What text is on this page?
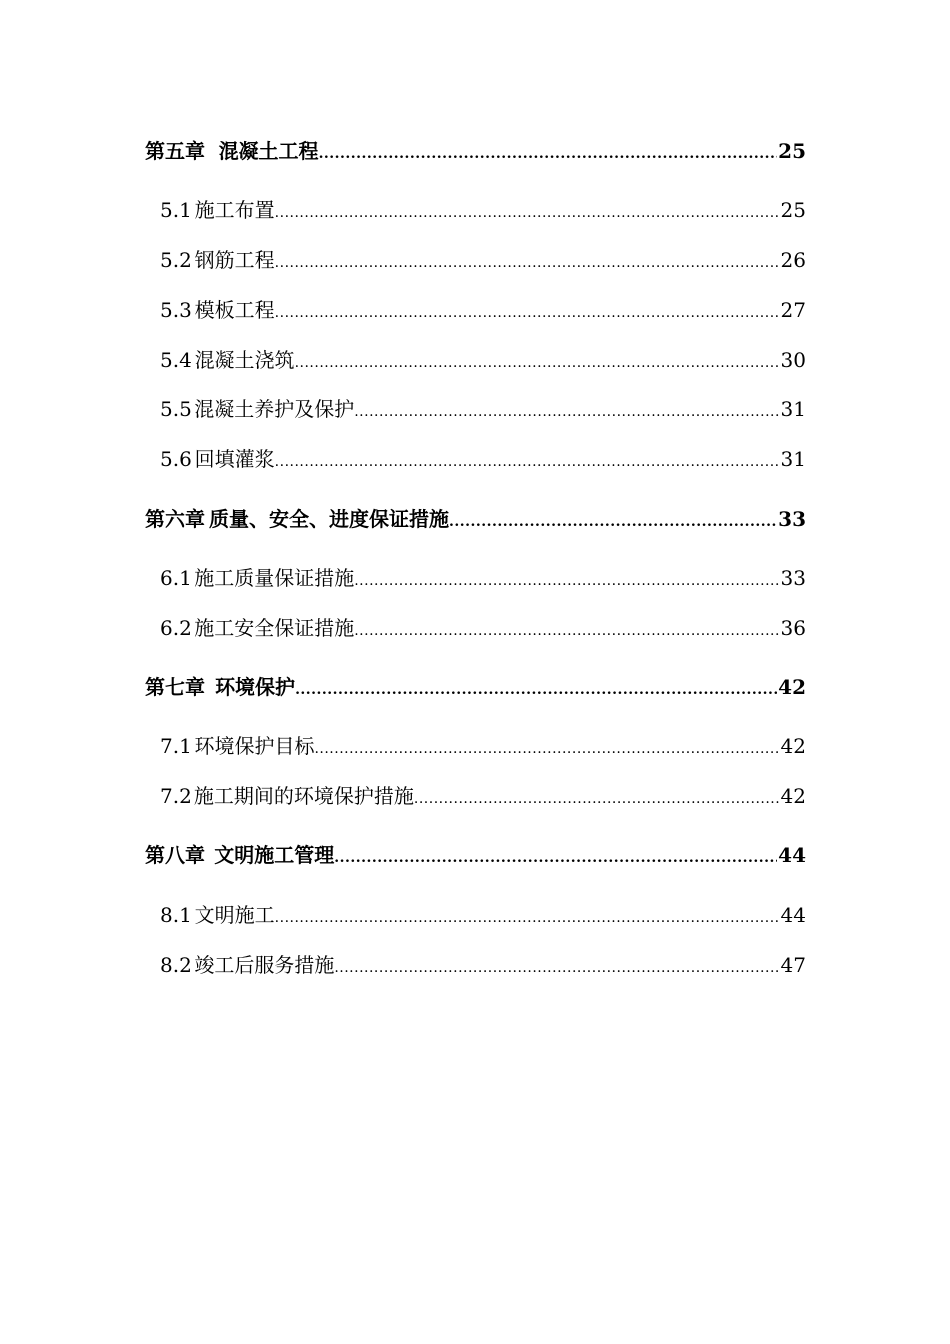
第五章 混凝土工程 .....	25
5.1 施工布置 .....	25
5.2 钢筋工程 .....	26
5.3 模板工程 .....	27
5.4 混凝土浇筑 .....	30
5.5 混凝土养护及保护 .....	31
5.6 回填灌浆 .....	31
第六章 质量、安全、进度保证措施 .....	33
6.1 施工质量保证措施 .....	33
6.2 施工安全保证措施 .....	36
第七章 环境保护 .....	42
7.1 环境保护目标 .....	42
7.2 施工期间的环境保护措施 .....	42
第八章 文明施工管理 .....	44
8.1 文明施工 .....	44
8.2 竣工后服务措施 .....	47
